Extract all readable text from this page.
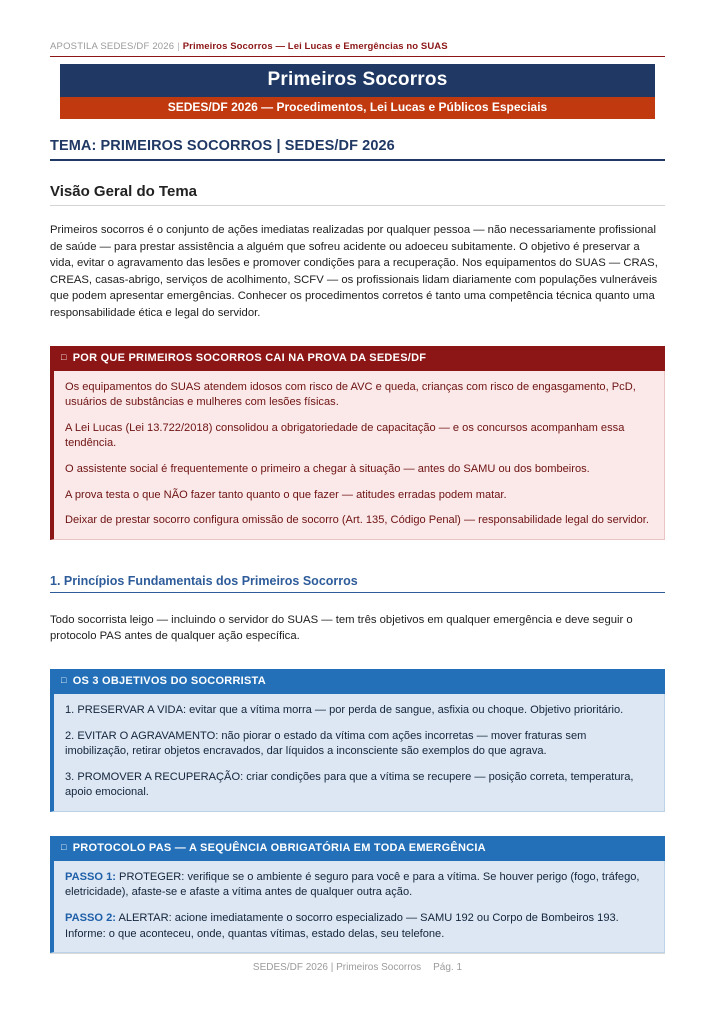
APOSTILA SEDES/DF 2026 | Primeiros Socorros — Lei Lucas e Emergências no SUAS
Primeiros Socorros
SEDES/DF 2026 — Procedimentos, Lei Lucas e Públicos Especiais
TEMA: PRIMEIROS SOCORROS | SEDES/DF 2026
Visão Geral do Tema
Primeiros socorros é o conjunto de ações imediatas realizadas por qualquer pessoa — não necessariamente profissional de saúde — para prestar assistência a alguém que sofreu acidente ou adoeceu subitamente. O objetivo é preservar a vida, evitar o agravamento das lesões e promover condições para a recuperação. Nos equipamentos do SUAS — CRAS, CREAS, casas-abrigo, serviços de acolhimento, SCFV — os profissionais lidam diariamente com populações vulneráveis que podem apresentar emergências. Conhecer os procedimentos corretos é tanto uma competência técnica quanto uma responsabilidade ética e legal do servidor.
□ POR QUE PRIMEIROS SOCORROS CAI NA PROVA DA SEDES/DF

Os equipamentos do SUAS atendem idosos com risco de AVC e queda, crianças com risco de engasgamento, PcD, usuários de substâncias e mulheres com lesões físicas.

A Lei Lucas (Lei 13.722/2018) consolidou a obrigatoriedade de capacitação — e os concursos acompanham essa tendência.

O assistente social é frequentemente o primeiro a chegar à situação — antes do SAMU ou dos bombeiros.

A prova testa o que NÃO fazer tanto quanto o que fazer — atitudes erradas podem matar.

Deixar de prestar socorro configura omissão de socorro (Art. 135, Código Penal) — responsabilidade legal do servidor.

1. Princípios Fundamentais dos Primeiros Socorros
Todo socorrista leigo — incluindo o servidor do SUAS — tem três objetivos em qualquer emergência e deve seguir o protocolo PAS antes de qualquer ação específica.
□ OS 3 OBJETIVOS DO SOCORRISTA

1. PRESERVAR A VIDA: evitar que a vítima morra — por perda de sangue, asfixia ou choque. Objetivo prioritário.

2. EVITAR O AGRAVAMENTO: não piorar o estado da vítima com ações incorretas — mover fraturas sem imobilização, retirar objetos encravados, dar líquidos a inconsciente são exemplos do que agrava.

3. PROMOVER A RECUPERAÇÃO: criar condições para que a vítima se recupere — posição correta, temperatura, apoio emocional.

□ PROTOCOLO PAS — A SEQUÊNCIA OBRIGATÓRIA EM TODA EMERGÊNCIA

PASSO 1: PROTEGER: verifique se o ambiente é seguro para você e para a vítima. Se houver perigo (fogo, tráfego, eletricidade), afaste-se e afaste a vítima antes de qualquer outra ação.

PASSO 2: ALERTAR: acione imediatamente o socorro especializado — SAMU 192 ou Corpo de Bombeiros 193. Informe: o que aconteceu, onde, quantas vítimas, estado delas, seu telefone.

SEDES/DF 2026 | Primeiros Socorros Pág. 1
